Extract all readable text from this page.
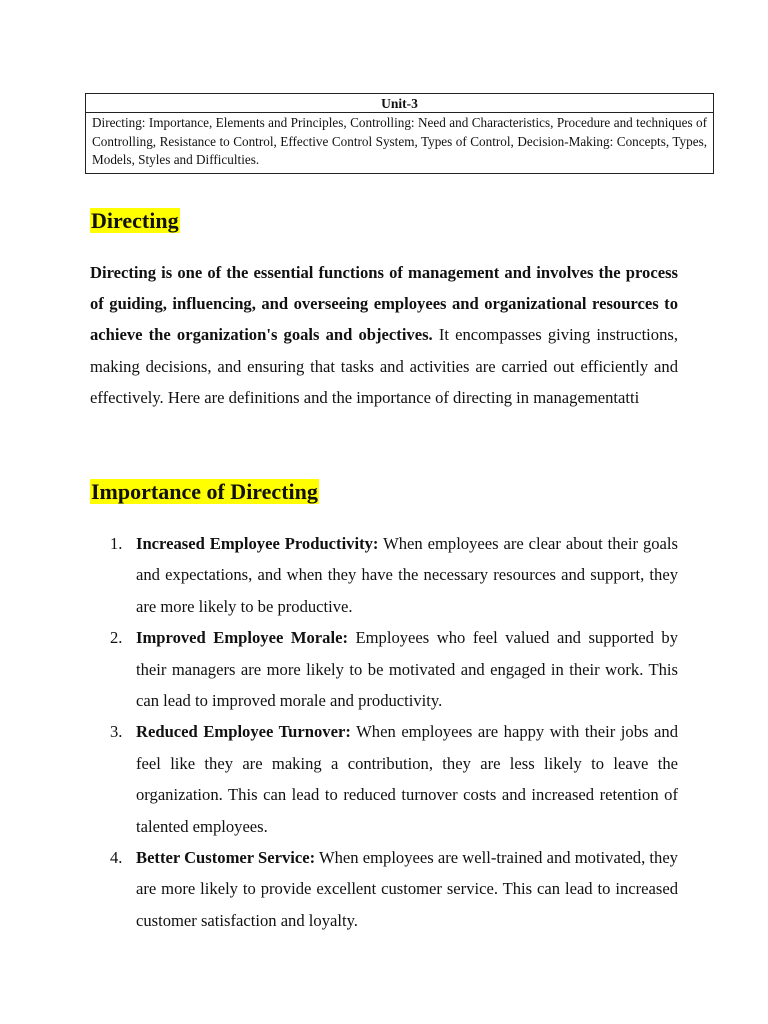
Unit-3
Directing: Importance, Elements and Principles, Controlling: Need and Characteristics, Procedure and techniques of Controlling, Resistance to Control, Effective Control System, Types of Control, Decision-Making: Concepts, Types, Models, Styles and Difficulties.
Directing

Directing is one of the essential functions of management and involves the process of guiding, influencing, and overseeing employees and organizational resources to achieve the organization's goals and objectives. It encompasses giving instructions, making decisions, and ensuring that tasks and activities are carried out efficiently and effectively. Here are definitions and the importance of directing in managementatti

Importance of Directing
1. Increased Employee Productivity: When employees are clear about their goals and expectations, and when they have the necessary resources and support, they are more likely to be productive.
2. Improved Employee Morale: Employees who feel valued and supported by their managers are more likely to be motivated and engaged in their work. This can lead to improved morale and productivity.
3. Reduced Employee Turnover: When employees are happy with their jobs and feel like they are making a contribution, they are less likely to leave the organization. This can lead to reduced turnover costs and increased retention of talented employees.
4. Better Customer Service: When employees are well-trained and motivated, they are more likely to provide excellent customer service. This can lead to increased customer satisfaction and loyalty.
